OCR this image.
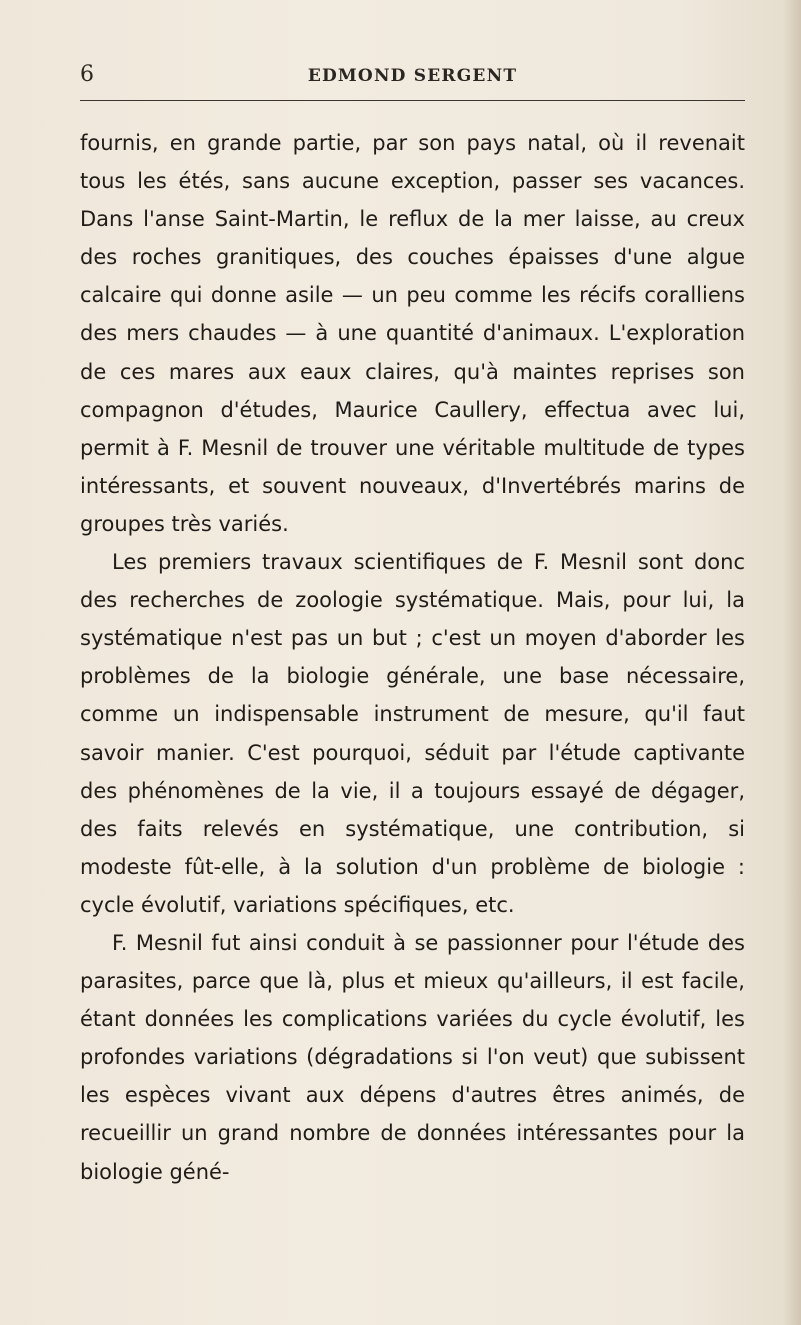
6	EDMOND SERGENT

fournis, en grande partie, par son pays natal, où il revenait tous les étés, sans aucune exception, passer ses vacances. Dans l'anse Saint-Martin, le reflux de la mer laisse, au creux des roches granitiques, des couches épaisses d'une algue calcaire qui donne asile — un peu comme les récifs coralliens des mers chaudes — à une quantité d'animaux. L'exploration de ces mares aux eaux claires, qu'à maintes reprises son compagnon d'études, Maurice Caullery, effectua avec lui, permit à F. Mesnil de trouver une véritable multitude de types intéressants, et souvent nouveaux, d'Invertébrés marins de groupes très variés.

Les premiers travaux scientifiques de F. Mesnil sont donc des recherches de zoologie systématique. Mais, pour lui, la systématique n'est pas un but ; c'est un moyen d'aborder les problèmes de la biologie générale, une base nécessaire, comme un indispensable instrument de mesure, qu'il faut savoir manier. C'est pourquoi, séduit par l'étude captivante des phénomènes de la vie, il a toujours essayé de dégager, des faits relevés en systématique, une contribution, si modeste fût-elle, à la solution d'un problème de biologie : cycle évolutif, variations spécifiques, etc.

F. Mesnil fut ainsi conduit à se passionner pour l'étude des parasites, parce que là, plus et mieux qu'ailleurs, il est facile, étant données les complications variées du cycle évolutif, les profondes variations (dégradations si l'on veut) que subissent les espèces vivant aux dépens d'autres êtres animés, de recueillir un grand nombre de données intéressantes pour la biologie géné-
